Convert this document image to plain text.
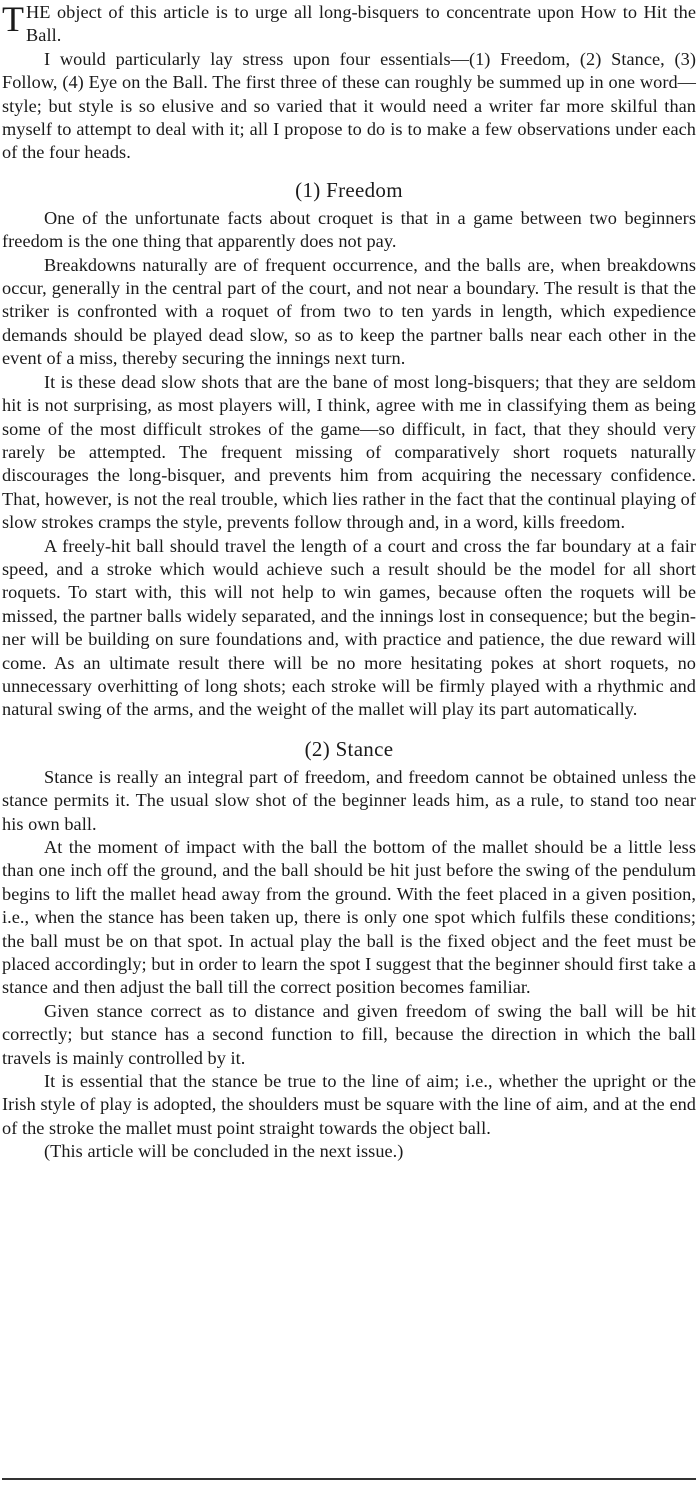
THE object of this article is to urge all long-bisquers to concentrate upon How to Hit the Ball.

I would particularly lay stress upon four essentials—(1) Freedom, (2) Stance, (3) Follow, (4) Eye on the Ball. The first three of these can roughly be summed up in one word—style; but style is so elusive and so varied that it would need a writer far more skilful than myself to attempt to deal with it; all I propose to do is to make a few observations under each of the four heads.

(1) Freedom

One of the unfortunate facts about croquet is that in a game between two beginners freedom is the one thing that apparently does not pay.

Breakdowns naturally are of frequent occurrence, and the balls are, when breakdowns occur, generally in the central part of the court, and not near a boundary. The result is that the striker is confronted with a roquet of from two to ten yards in length, which expedience demands should be played dead slow, so as to keep the partner balls near each other in the event of a miss, thereby securing the innings next turn.

It is these dead slow shots that are the bane of most long-bisquers; that they are seldom hit is not surprising, as most players will, I think, agree with me in classifying them as being some of the most difficult strokes of the game—so difficult, in fact, that they should very rarely be attempted. The frequent missing of comparatively short roquets naturally discourages the long-bisquer, and prevents him from acquiring the necessary confidence. That, however, is not the real trouble, which lies rather in the fact that the continual playing of slow strokes cramps the style, prevents follow through and, in a word, kills freedom.

A freely-hit ball should travel the length of a court and cross the far boundary at a fair speed, and a stroke which would achieve such a result should be the model for all short roquets. To start with, this will not help to win games, because often the roquets will be missed, the partner balls widely separated, and the innings lost in consequence; but the beginner will be building on sure foundations and, with practice and patience, the due reward will come. As an ultimate result there will be no more hesitating pokes at short roquets, no unnecessary overhitting of long shots; each stroke will be firmly played with a rhythmic and natural swing of the arms, and the weight of the mallet will play its part automatically.

(2) Stance

Stance is really an integral part of freedom, and freedom cannot be obtained unless the stance permits it. The usual slow shot of the beginner leads him, as a rule, to stand too near his own ball.

At the moment of impact with the ball the bottom of the mallet should be a little less than one inch off the ground, and the ball should be hit just before the swing of the pendulum begins to lift the mallet head away from the ground. With the feet placed in a given position, i.e., when the stance has been taken up, there is only one spot which fulfils these conditions; the ball must be on that spot. In actual play the ball is the fixed object and the feet must be placed accordingly; but in order to learn the spot I suggest that the beginner should first take a stance and then adjust the ball till the correct position becomes familiar.

Given stance correct as to distance and given freedom of swing the ball will be hit correctly; but stance has a second function to fill, because the direction in which the ball travels is mainly controlled by it.

It is essential that the stance be true to the line of aim; i.e., whether the upright or the Irish style of play is adopted, the shoulders must be square with the line of aim, and at the end of the stroke the mallet must point straight towards the object ball.

(This article will be concluded in the next issue.)
